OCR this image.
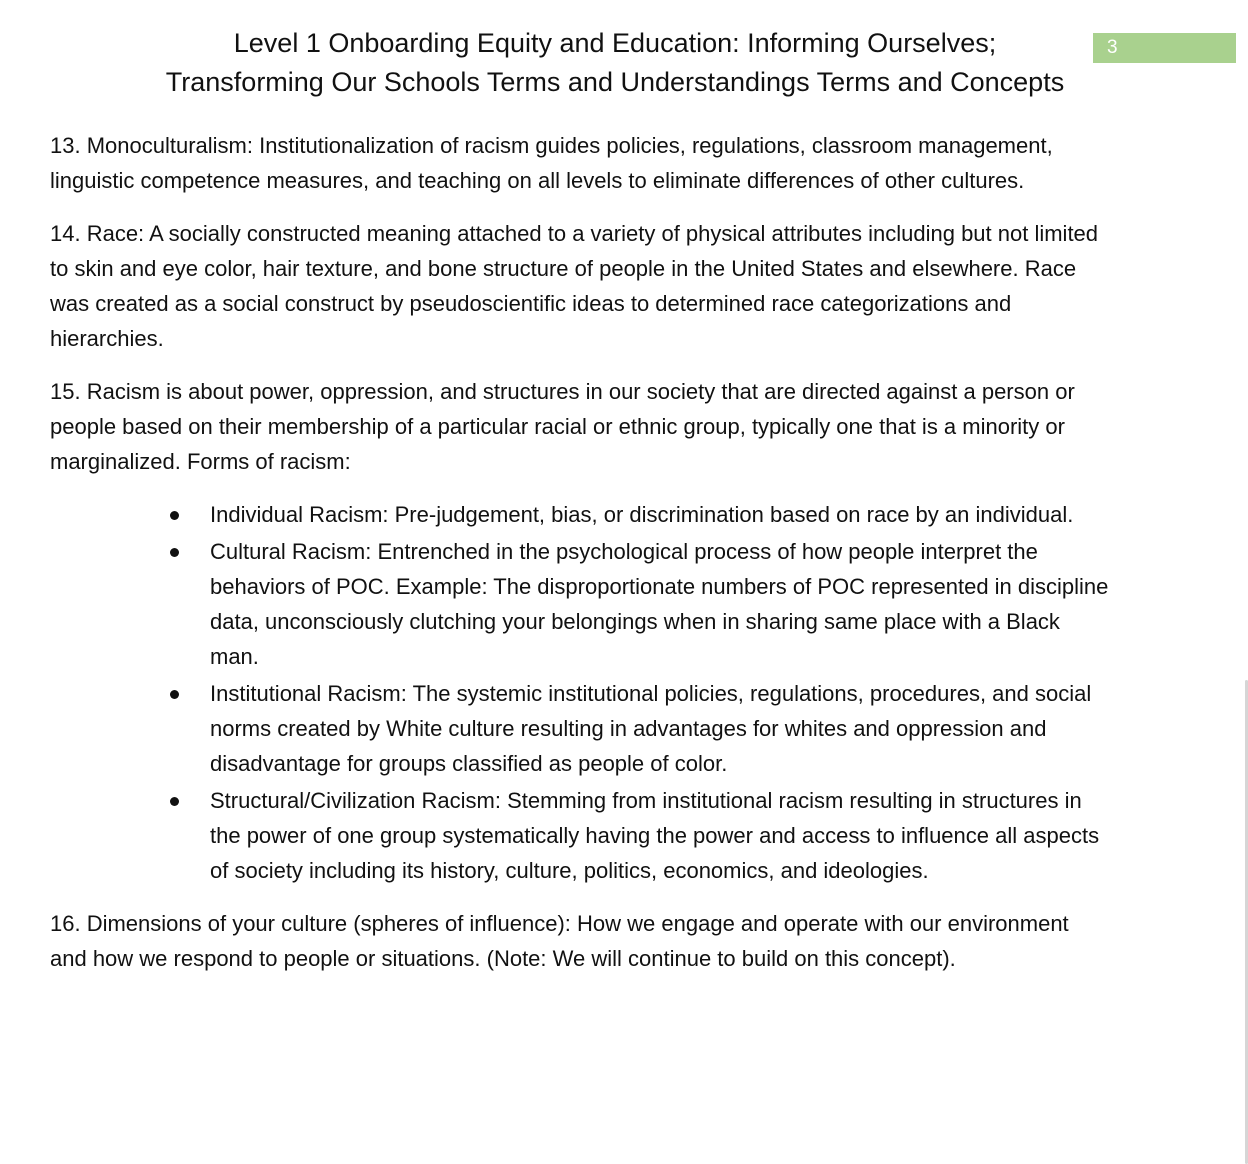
Level 1 Onboarding Equity and Education: Informing Ourselves;
Transforming Our Schools Terms and Understandings Terms and Concepts
3

13. Monoculturalism: Institutionalization of racism guides policies, regulations, classroom management, linguistic competence measures, and teaching on all levels to eliminate differences of other cultures.

14. Race: A socially constructed meaning attached to a variety of physical attributes including but not limited to skin and eye color, hair texture, and bone structure of people in the United States and elsewhere. Race was created as a social construct by pseudoscientific ideas to determined race categorizations and hierarchies.

15. Racism is about power, oppression, and structures in our society that are directed against a person or people based on their membership of a particular racial or ethnic group, typically one that is a minority or marginalized. Forms of racism:

Individual Racism: Pre-judgement, bias, or discrimination based on race by an individual.
Cultural Racism: Entrenched in the psychological process of how people interpret the behaviors of POC. Example: The disproportionate numbers of POC represented in discipline data, unconsciously clutching your belongings when in sharing same place with a Black man.
Institutional Racism: The systemic institutional policies, regulations, procedures, and social norms created by White culture resulting in advantages for whites and oppression and disadvantage for groups classified as people of color.
Structural/Civilization Racism: Stemming from institutional racism resulting in structures in the power of one group systematically having the power and access to influence all aspects of society including its history, culture, politics, economics, and ideologies.

16. Dimensions of your culture (spheres of influence): How we engage and operate with our environment and how we respond to people or situations. (Note: We will continue to build on this concept).
